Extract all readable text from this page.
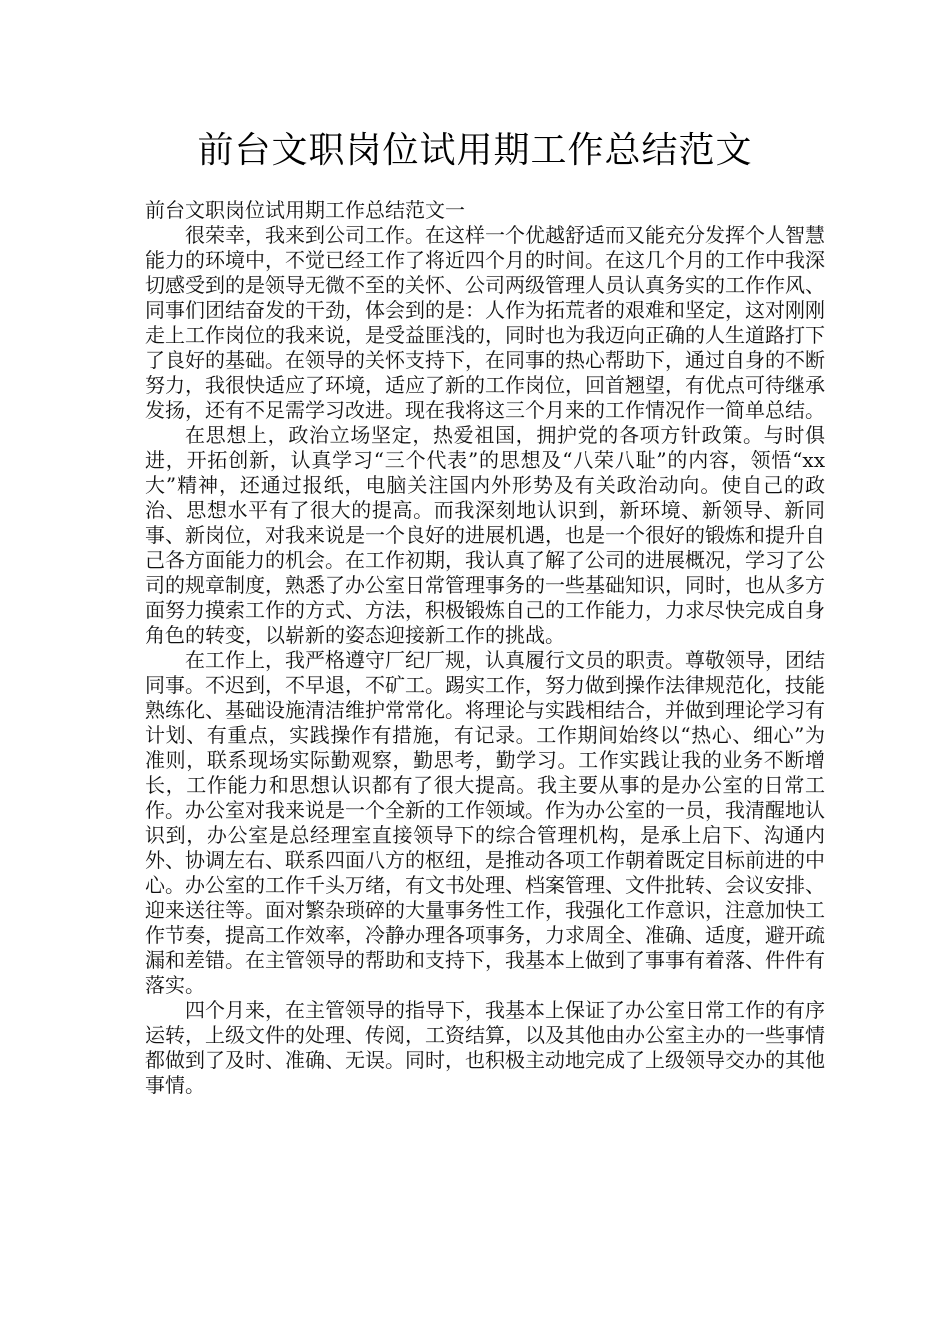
前台文职岗位试用期工作总结范文

前台文职岗位试用期工作总结范文一

很荣幸，我来到公司工作。在这样一个优越舒适而又能充分发挥个人智慧能力的环境中，不觉已经工作了将近四个月的时间。在这几个月的工作中我深切感受到的是领导无微不至的关怀、公司两级管理人员认真务实的工作作风、同事们团结奋发的干劲，体会到的是：人作为拓荒者的艰难和坚定，这对刚刚走上工作岗位的我来说，是受益匪浅的，同时也为我迈向正确的人生道路打下了良好的基础。在领导的关怀支持下，在同事的热心帮助下，通过自身的不断努力，我很快适应了环境，适应了新的工作岗位，回首翘望，有优点可待继承发扬，还有不足需学习改进。现在我将这三个月来的工作情况作一简单总结。

在思想上，政治立场坚定，热爱祖国，拥护党的各项方针政策。与时俱进，开拓创新，认真学习“三个代表”的思想及“八荣八耻”的内容，领悟“xx大”精神，还通过报纸，电脑关注国内外形势及有关政治动向。使自己的政治、思想水平有了很大的提高。而我深刻地认识到，新环境、新领导、新同事、新岗位，对我来说是一个良好的进展机遇，也是一个很好的锻炼和提升自己各方面能力的机会。在工作初期，我认真了解了公司的进展概况，学习了公司的规章制度，熟悉了办公室日常管理事务的一些基础知识，同时，也从多方面努力摸索工作的方式、方法，积极锻炼自己的工作能力，力求尽快完成自身角色的转变，以崭新的姿态迎接新工作的挑战。

在工作上，我严格遵守厂纪厂规，认真履行文员的职责。尊敬领导，团结同事。不迟到，不早退，不矿工。踢实工作，努力做到操作法律规范化，技能熟练化、基础设施清洁维护常常化。将理论与实践相结合，并做到理论学习有计划、有重点，实践操作有措施，有记录。工作期间始终以“热心、细心”为准则，联系现场实际勤观察，勤思考，勤学习。工作实践让我的业务不断增长，工作能力和思想认识都有了很大提高。我主要从事的是办公室的日常工作。办公室对我来说是一个全新的工作领域。作为办公室的一员，我清醒地认识到，办公室是总经理室直接领导下的综合管理机构，是承上启下、沟通内外、协调左右、联系四面八方的枢纽，是推动各项工作朝着既定目标前进的中心。办公室的工作千头万绪，有文书处理、档案管理、文件批转、会议安排、迎来送往等。面对繁杂琐碎的大量事务性工作，我强化工作意识，注意加快工作节奏，提高工作效率，冷静办理各项事务，力求周全、准确、适度，避开疏漏和差错。在主管领导的帮助和支持下，我基本上做到了事事有着落、件件有落实。

四个月来，在主管领导的指导下，我基本上保证了办公室日常工作的有序运转，上级文件的处理、传阅，工资结算，以及其他由办公室主办的一些事情都做到了及时、准确、无误。同时，也积极主动地完成了上级领导交办的其他事情。
